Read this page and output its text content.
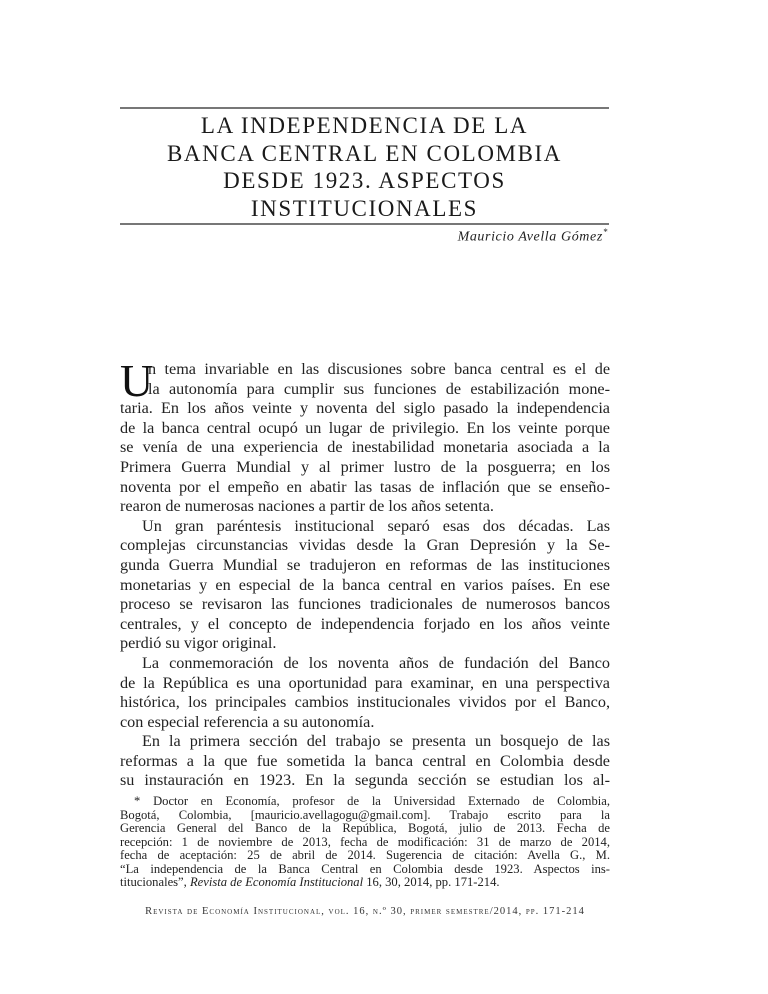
LA INDEPENDENCIA DE LA
BANCA CENTRAL EN COLOMBIA
DESDE 1923. ASPECTOS
INSTITUCIONALES
Mauricio Avella Gómez*
U
n tema invariable en las discusiones sobre banca central es el de
la autonomía para cumplir sus funciones de estabilización mone-
taria. En los años veinte y noventa del siglo pasado la independencia
de la banca central ocupó un lugar de privilegio. En los veinte porque
se venía de una experiencia de inestabilidad monetaria asociada a la
Primera Guerra Mundial y al primer lustro de la posguerra; en los
noventa por el empeño en abatir las tasas de inflación que se enseño-
rearon de numerosas naciones a partir de los años setenta.
Un gran paréntesis institucional separó esas dos décadas. Las
complejas circunstancias vividas desde la Gran Depresión y la Se-
gunda Guerra Mundial se tradujeron en reformas de las instituciones
monetarias y en especial de la banca central en varios países. En ese
proceso se revisaron las funciones tradicionales de numerosos bancos
centrales, y el concepto de independencia forjado en los años veinte
perdió su vigor original.
La conmemoración de los noventa años de fundación del Banco
de la República es una oportunidad para examinar, en una perspectiva
histórica, los principales cambios institucionales vividos por el Banco,
con especial referencia a su autonomía.
En la primera sección del trabajo se presenta un bosquejo de las
reformas a la que fue sometida la banca central en Colombia desde
su instauración en 1923. En la segunda sección se estudian los al-
* Doctor en Economía, profesor de la Universidad Externado de Colombia,
Bogotá, Colombia, [mauricio.avellagogu@gmail.com]. Trabajo escrito para la
Gerencia General del Banco de la República, Bogotá, julio de 2013. Fecha de
recepción: 1 de noviembre de 2013, fecha de modificación: 31 de marzo de 2014,
fecha de aceptación: 25 de abril de 2014. Sugerencia de citación: Avella G., M.
“La independencia de la Banca Central en Colombia desde 1923. Aspectos ins-
titucionales”, Revista de Economía Institucional 16, 30, 2014, pp. 171-214.
Revista de Economía Institucional, vol. 16, n.º 30, primer semestre/2014, pp. 171-214
